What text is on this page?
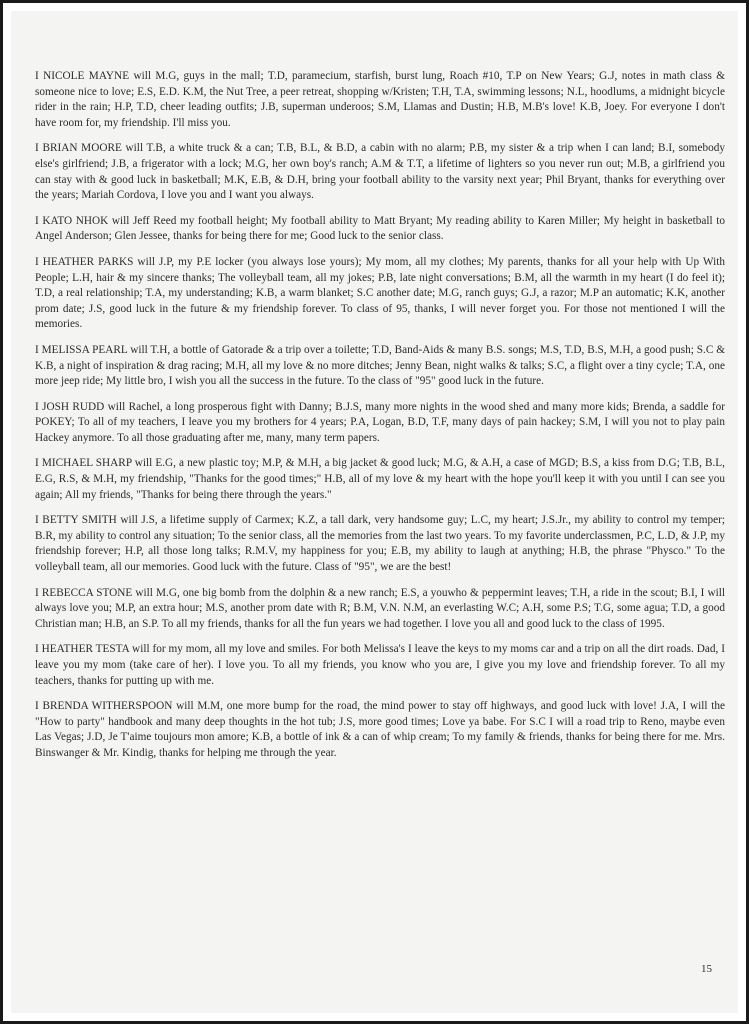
I NICOLE MAYNE will M.G, guys in the mall; T.D, paramecium, starfish, burst lung, Roach #10, T.P on New Years; G.J, notes in math class & someone nice to love; E.S, E.D. K.M, the Nut Tree, a peer retreat, shopping w/Kristen; T.H, T.A, swimming lessons; N.L, hoodlums, a midnight bicycle rider in the rain; H.P, T.D, cheer leading outfits; J.B, superman underoos; S.M, Llamas and Dustin; H.B, M.B's love! K.B, Joey. For everyone I don't have room for, my friendship. I'll miss you.

I BRIAN MOORE will T.B, a white truck & a can; T.B, B.L, & B.D, a cabin with no alarm; P.B, my sister & a trip when I can land; B.I, somebody else's girlfriend; J.B, a frigerator with a lock; M.G, her own boy's ranch; A.M & T.T, a lifetime of lighters so you never run out; M.B, a girlfriend you can stay with & good luck in basketball; M.K, E.B, & D.H, bring your football ability to the varsity next year; Phil Bryant, thanks for everything over the years; Mariah Cordova, I love you and I want you always.

I KATO NHOK will Jeff Reed my football height; My football ability to Matt Bryant; My reading ability to Karen Miller; My height in basketball to Angel Anderson; Glen Jessee, thanks for being there for me; Good luck to the senior class.

I HEATHER PARKS will J.P, my P.E locker (you always lose yours); My mom, all my clothes; My parents, thanks for all your help with Up With People; L.H, hair & my sincere thanks; The volleyball team, all my jokes; P.B, late night conversations; B.M, all the warmth in my heart (I do feel it); T.D, a real relationship; T.A, my understanding; K.B, a warm blanket; S.C another date; M.G, ranch guys; G.J, a razor; M.P an automatic; K.K, another prom date; J.S, good luck in the future & my friendship forever. To class of 95, thanks, I will never forget you. For those not mentioned I will the memories.

I MELISSA PEARL will T.H, a bottle of Gatorade & a trip over a toilette; T.D, Band-Aids & many B.S. songs; M.S, T.D, B.S, M.H, a good push; S.C & K.B, a night of inspiration & drag racing; M.H, all my love & no more ditches; Jenny Bean, night walks & talks; S.C, a flight over a tiny cycle; T.A, one more jeep ride; My little bro, I wish you all the success in the future. To the class of "95" good luck in the future.

I JOSH RUDD will Rachel, a long prosperous fight with Danny; B.J.S, many more nights in the wood shed and many more kids; Brenda, a saddle for POKEY; To all of my teachers, I leave you my brothers for 4 years; P.A, Logan, B.D, T.F, many days of pain hackey; S.M, I will you not to play pain Hackey anymore. To all those graduating after me, many, many term papers.

I MICHAEL SHARP will E.G, a new plastic toy; M.P, & M.H, a big jacket & good luck; M.G, & A.H, a case of MGD; B.S, a kiss from D.G; T.B, B.L, E.G, R.S, & M.H, my friendship, "Thanks for the good times;" H.B, all of my love & my heart with the hope you'll keep it with you until I can see you again; All my friends, "Thanks for being there through the years."

I BETTY SMITH will J.S, a lifetime supply of Carmex; K.Z, a tall dark, very handsome guy; L.C, my heart; J.S.Jr., my ability to control my temper; B.R, my ability to control any situation; To the senior class, all the memories from the last two years. To my favorite underclassmen, P.C, L.D, & J.P, my friendship forever; H.P, all those long talks; R.M.V, my happiness for you; E.B, my ability to laugh at anything; H.B, the phrase "Physco." To the volleyball team, all our memories. Good luck with the future. Class of "95", we are the best!

I REBECCA STONE will M.G, one big bomb from the dolphin & a new ranch; E.S, a youwho & peppermint leaves; T.H, a ride in the scout; B.I, I will always love you; M.P, an extra hour; M.S, another prom date with R; B.M, V.N. N.M, an everlasting W.C; A.H, some P.S; T.G, some agua; T.D, a good Christian man; H.B, an S.P. To all my friends, thanks for all the fun years we had together. I love you all and good luck to the class of 1995.

I HEATHER TESTA will for my mom, all my love and smiles. For both Melissa's I leave the keys to my moms car and a trip on all the dirt roads. Dad, I leave you my mom (take care of her). I love you. To all my friends, you know who you are, I give you my love and friendship forever. To all my teachers, thanks for putting up with me.

I BRENDA WITHERSPOON will M.M, one more bump for the road, the mind power to stay off highways, and good luck with love! J.A, I will the "How to party" handbook and many deep thoughts in the hot tub; J.S, more good times; Love ya babe. For S.C I will a road trip to Reno, maybe even Las Vegas; J.D, Je T'aime toujours mon amore; K.B, a bottle of ink & a can of whip cream; To my family & friends, thanks for being there for me. Mrs. Binswanger & Mr. Kindig, thanks for helping me through the year.

15
